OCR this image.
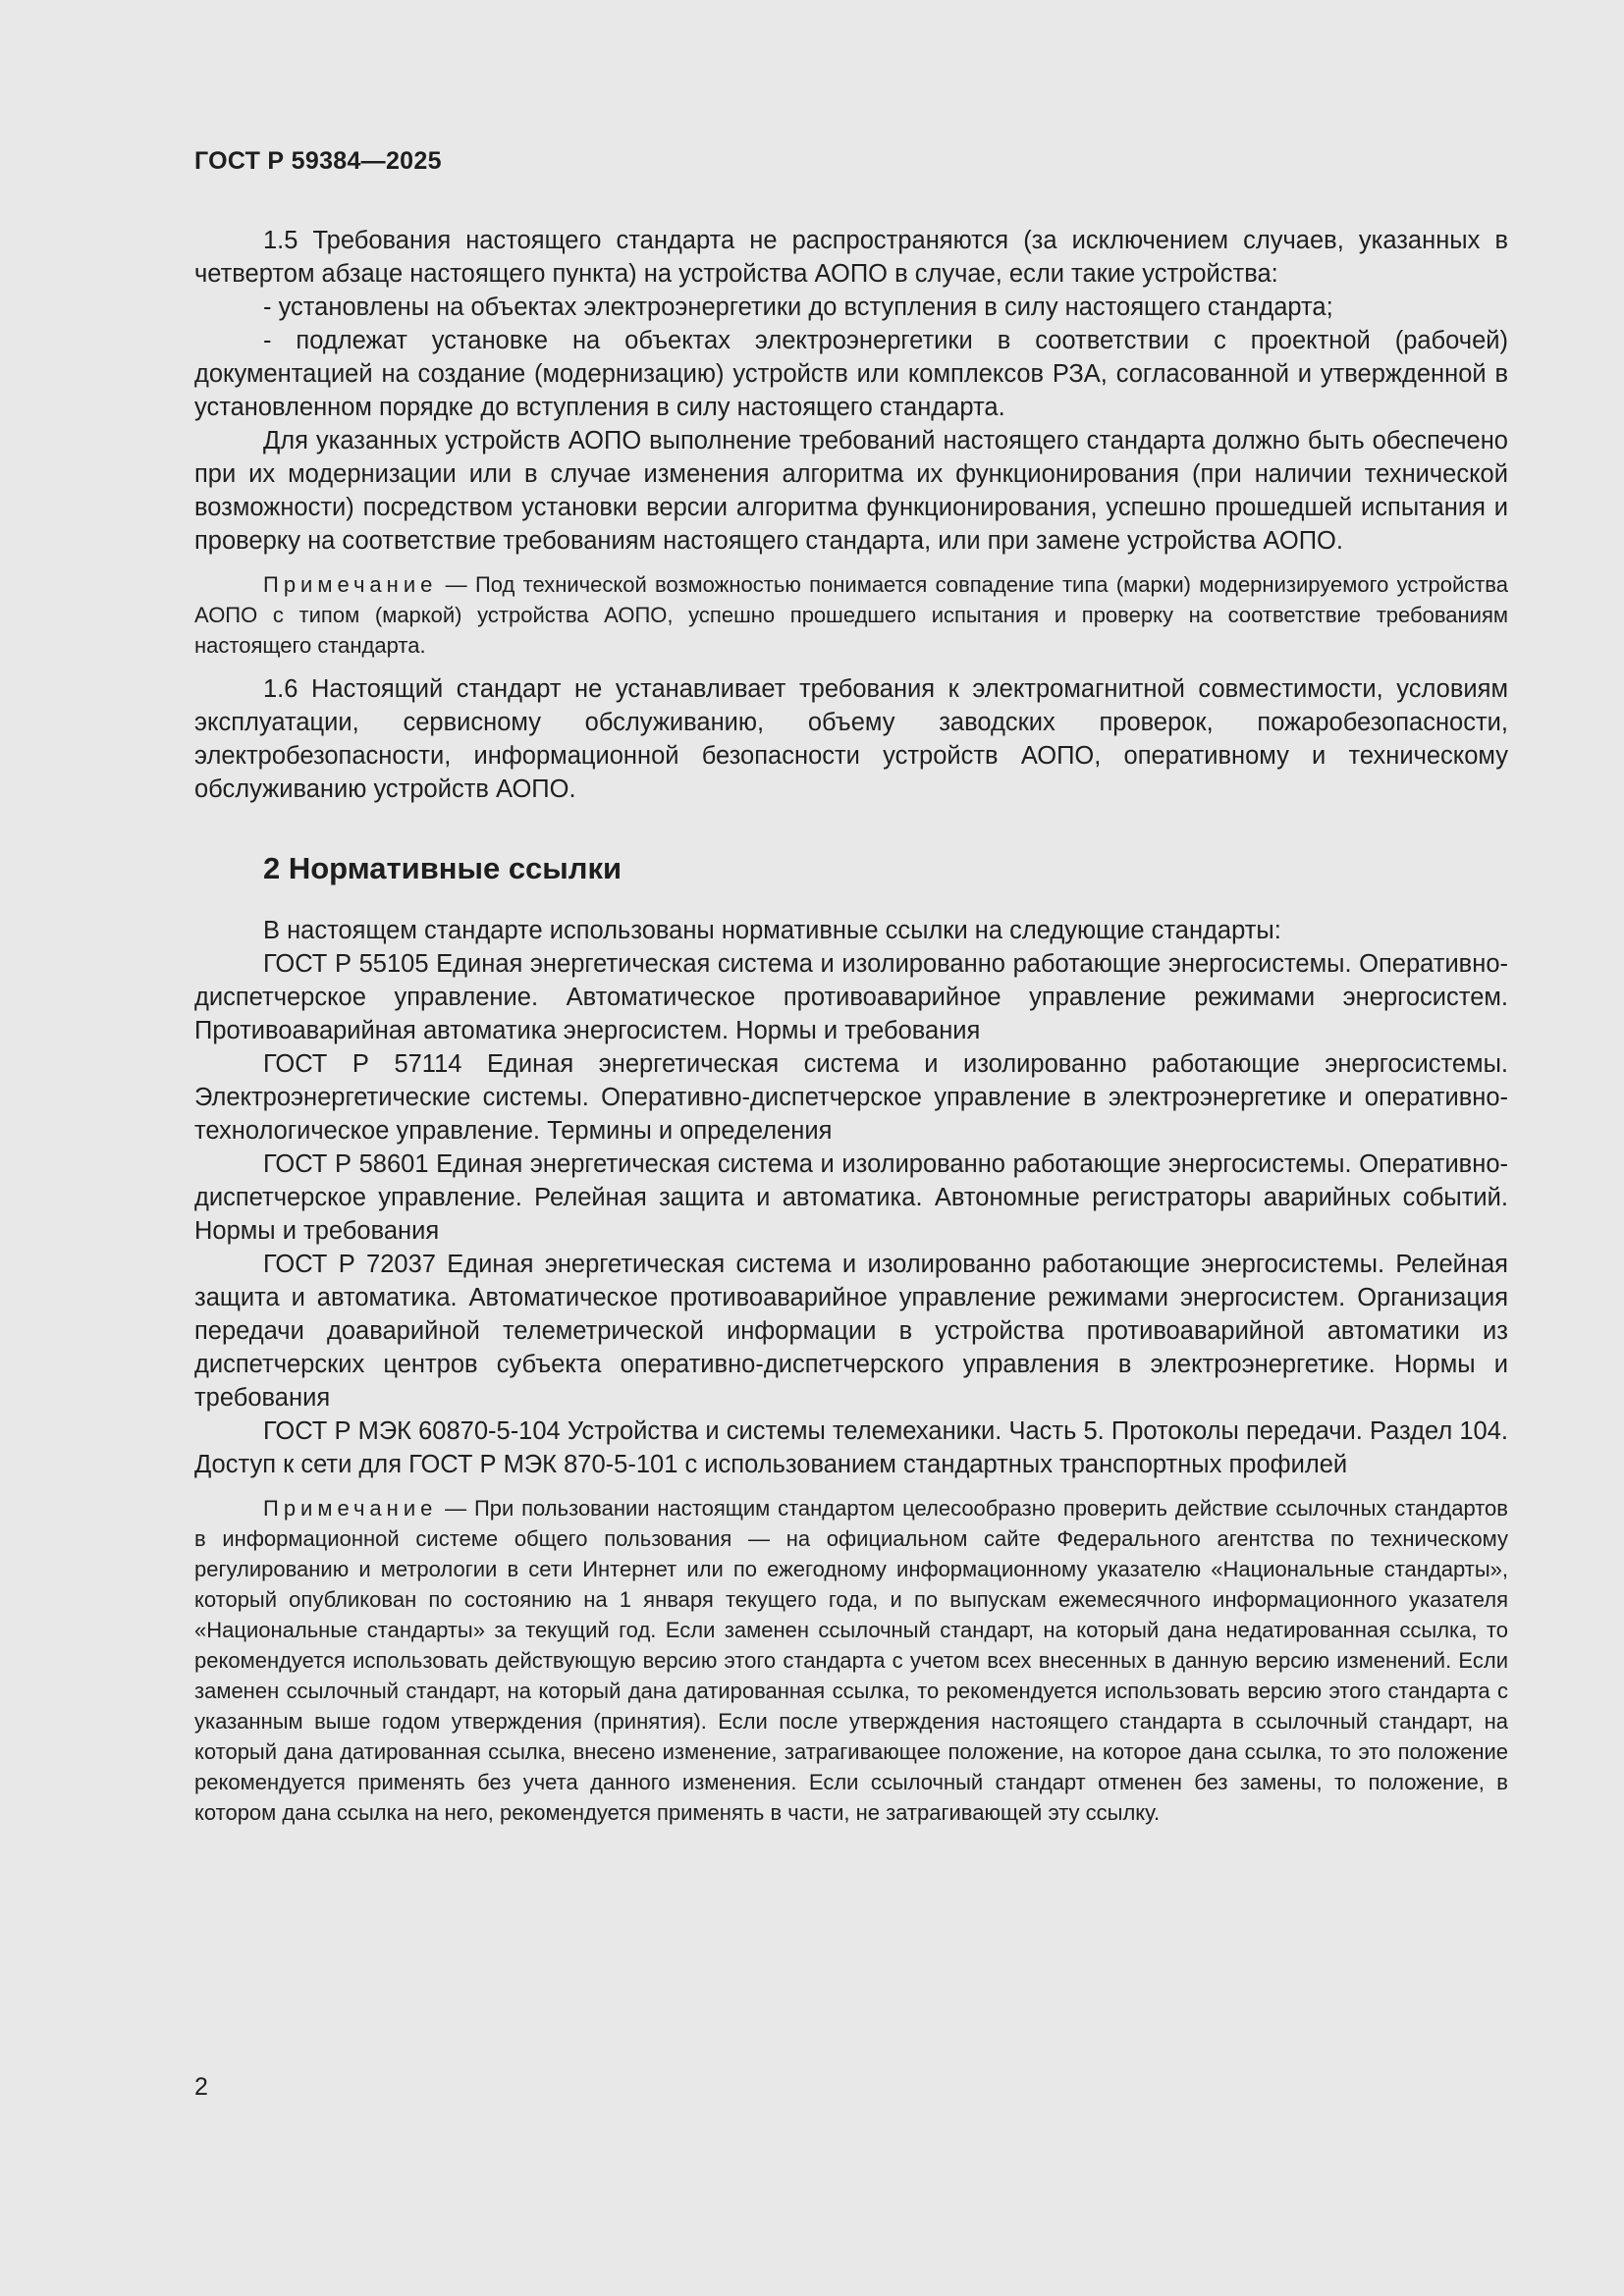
ГОСТ Р 59384—2025

1.5 Требования настоящего стандарта не распространяются (за исключением случаев, указанных в четвертом абзаце настоящего пункта) на устройства АОПО в случае, если такие устройства:

- установлены на объектах электроэнергетики до вступления в силу настоящего стандарта;

- подлежат установке на объектах электроэнергетики в соответствии с проектной (рабочей) документацией на создание (модернизацию) устройств или комплексов РЗА, согласованной и утвержденной в установленном порядке до вступления в силу настоящего стандарта.

Для указанных устройств АОПО выполнение требований настоящего стандарта должно быть обеспечено при их модернизации или в случае изменения алгоритма их функционирования (при наличии технической возможности) посредством установки версии алгоритма функционирования, успешно прошедшей испытания и проверку на соответствие требованиям настоящего стандарта, или при замене устройства АОПО.

Примечание — Под технической возможностью понимается совпадение типа (марки) модернизируемого устройства АОПО с типом (маркой) устройства АОПО, успешно прошедшего испытания и проверку на соответствие требованиям настоящего стандарта.

1.6 Настоящий стандарт не устанавливает требования к электромагнитной совместимости, условиям эксплуатации, сервисному обслуживанию, объему заводских проверок, пожаробезопасности, электробезопасности, информационной безопасности устройств АОПО, оперативному и техническому обслуживанию устройств АОПО.

2 Нормативные ссылки

В настоящем стандарте использованы нормативные ссылки на следующие стандарты:

ГОСТ Р 55105 Единая энергетическая система и изолированно работающие энергосистемы. Оперативно-диспетчерское управление. Автоматическое противоаварийное управление режимами энергосистем. Противоаварийная автоматика энергосистем. Нормы и требования

ГОСТ Р 57114 Единая энергетическая система и изолированно работающие энергосистемы. Электроэнергетические системы. Оперативно-диспетчерское управление в электроэнергетике и оперативно-технологическое управление. Термины и определения

ГОСТ Р 58601 Единая энергетическая система и изолированно работающие энергосистемы. Оперативно-диспетчерское управление. Релейная защита и автоматика. Автономные регистраторы аварийных событий. Нормы и требования

ГОСТ Р 72037 Единая энергетическая система и изолированно работающие энергосистемы. Релейная защита и автоматика. Автоматическое противоаварийное управление режимами энергосистем. Организация передачи доаварийной телеметрической информации в устройства противоаварийной автоматики из диспетчерских центров субъекта оперативно-диспетчерского управления в электроэнергетике. Нормы и требования

ГОСТ Р МЭК 60870-5-104 Устройства и системы телемеханики. Часть 5. Протоколы передачи. Раздел 104. Доступ к сети для ГОСТ Р МЭК 870-5-101 с использованием стандартных транспортных профилей

Примечание — При пользовании настоящим стандартом целесообразно проверить действие ссылочных стандартов в информационной системе общего пользования — на официальном сайте Федерального агентства по техническому регулированию и метрологии в сети Интернет или по ежегодному информационному указателю «Национальные стандарты», который опубликован по состоянию на 1 января текущего года, и по выпускам ежемесячного информационного указателя «Национальные стандарты» за текущий год. Если заменен ссылочный стандарт, на который дана недатированная ссылка, то рекомендуется использовать действующую версию этого стандарта с учетом всех внесенных в данную версию изменений. Если заменен ссылочный стандарт, на который дана датированная ссылка, то рекомендуется использовать версию этого стандарта с указанным выше годом утверждения (принятия). Если после утверждения настоящего стандарта в ссылочный стандарт, на который дана датированная ссылка, внесено изменение, затрагивающее положение, на которое дана ссылка, то это положение рекомендуется применять без учета данного изменения. Если ссылочный стандарт отменен без замены, то положение, в котором дана ссылка на него, рекомендуется применять в части, не затрагивающей эту ссылку.

2
